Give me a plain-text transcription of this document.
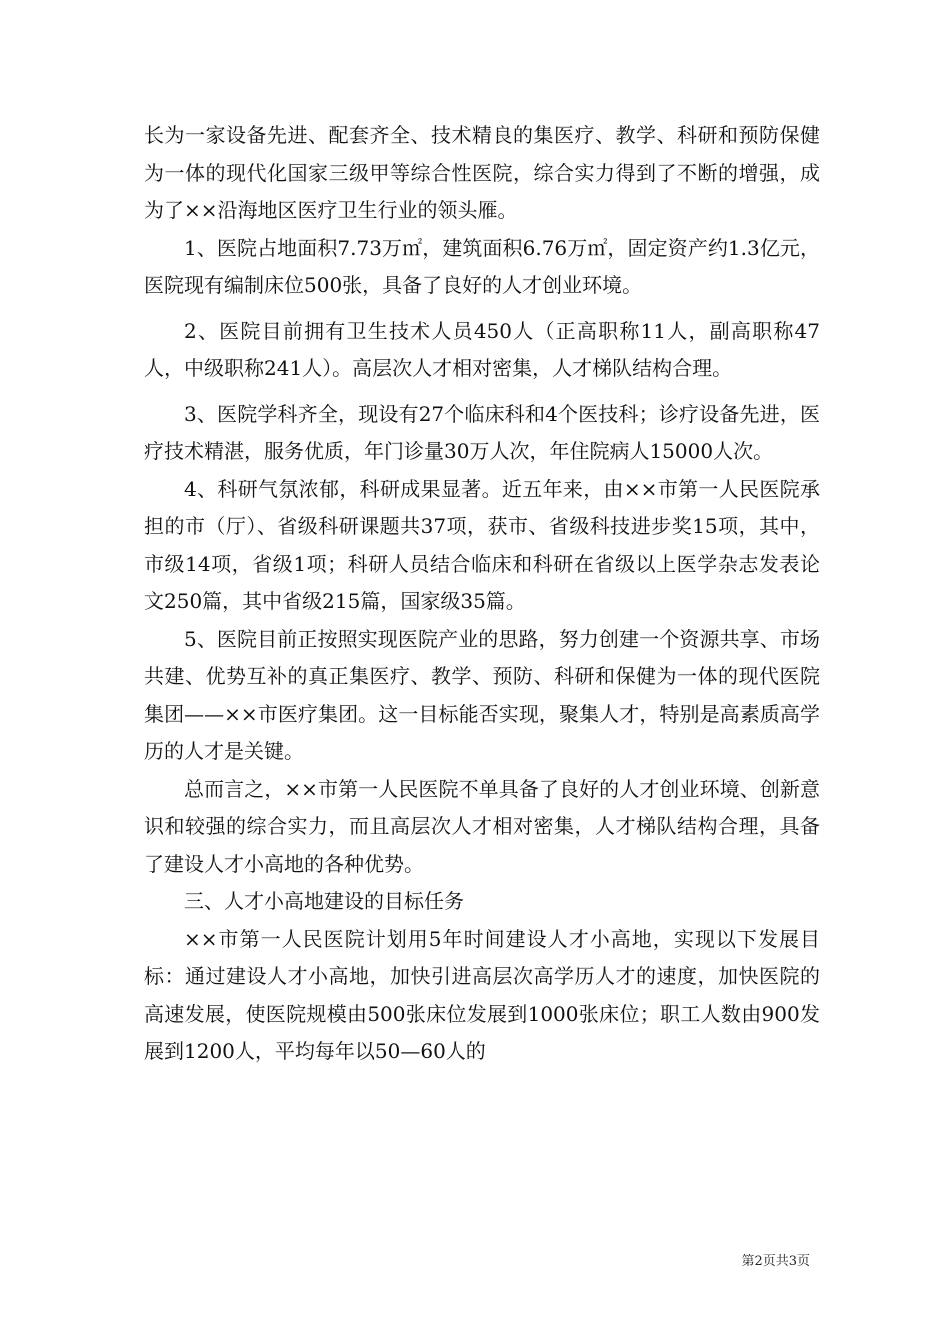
长为一家设备先进、配套齐全、技术精良的集医疗、教学、科研和预防保健为一体的现代化国家三级甲等综合性医院，综合实力得到了不断的增强，成为了××沿海地区医疗卫生行业的领头雁。

1、医院占地面积7.73万㎡，建筑面积6.76万㎡，固定资产约1.3亿元，医院现有编制床位500张，具备了良好的人才创业环境。

2、医院目前拥有卫生技术人员450人（正高职称11人，副高职称47人，中级职称241人）。高层次人才相对密集，人才梯队结构合理。

3、医院学科齐全，现设有27个临床科和4个医技科；诊疗设备先进，医疗技术精湛，服务优质，年门诊量30万人次，年住院病人15000人次。

4、科研气氛浓郁，科研成果显著。近五年来，由××市第一人民医院承担的市（厅）、省级科研课题共37项，获市、省级科技进步奖15项，其中，市级14项，省级1项；科研人员结合临床和科研在省级以上医学杂志发表论文250篇，其中省级215篇，国家级35篇。

5、医院目前正按照实现医院产业的思路，努力创建一个资源共享、市场共建、优势互补的真正集医疗、教学、预防、科研和保健为一体的现代医院集团——××市医疗集团。这一目标能否实现，聚集人才，特别是高素质高学历的人才是关键。

总而言之，××市第一人民医院不单具备了良好的人才创业环境、创新意识和较强的综合实力，而且高层次人才相对密集，人才梯队结构合理，具备了建设人才小高地的各种优势。

三、人才小高地建设的目标任务

××市第一人民医院计划用5年时间建设人才小高地，实现以下发展目标：通过建设人才小高地，加快引进高层次高学历人才的速度，加快医院的高速发展，使医院规模由500张床位发展到1000张床位；职工人数由900发展到1200人，平均每年以50—60人的

第2页共3页
